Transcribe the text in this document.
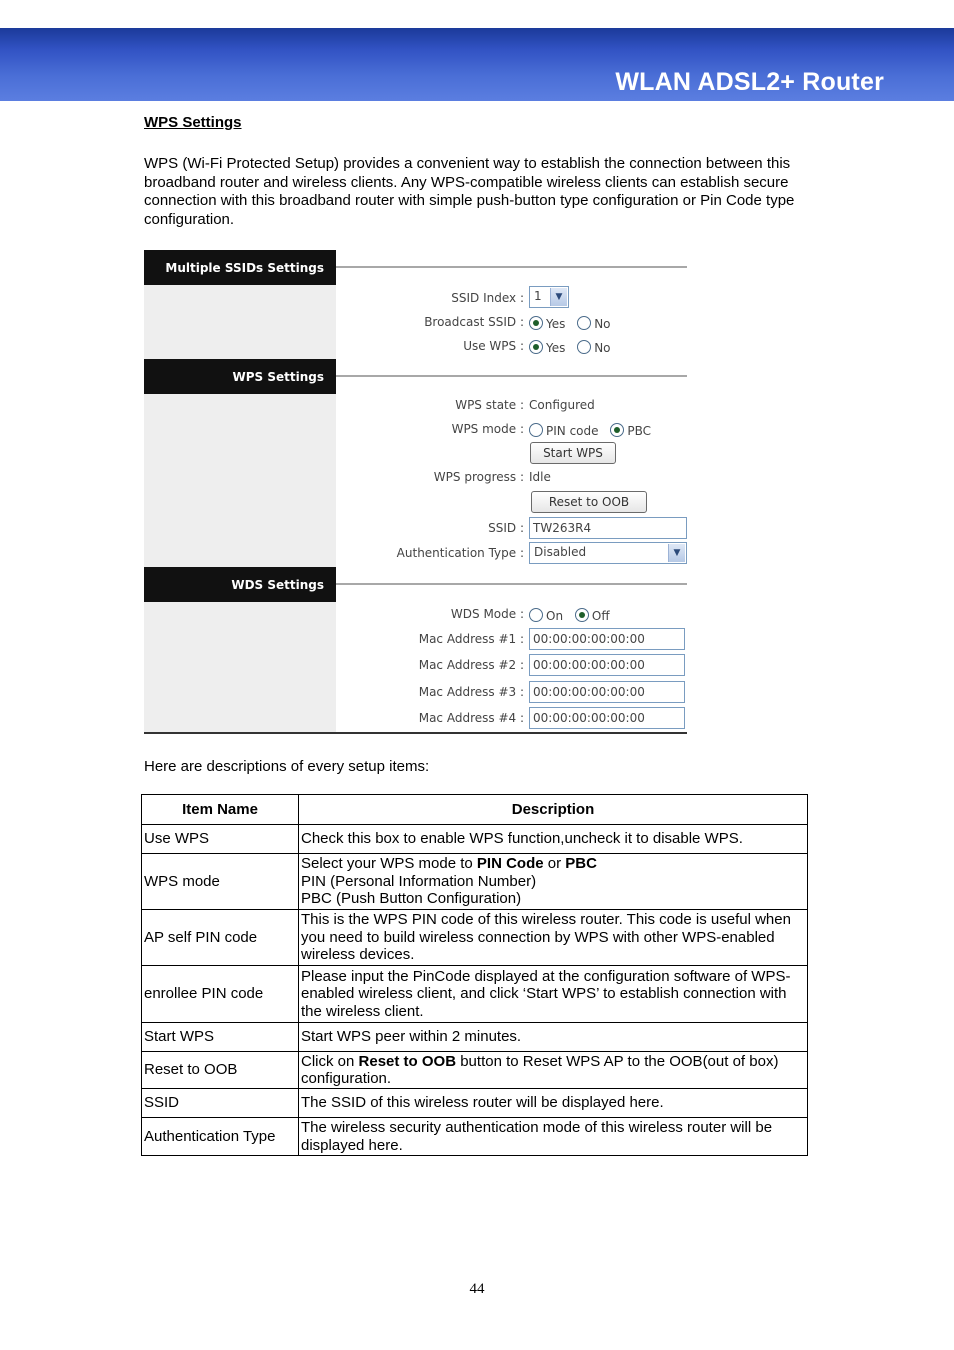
WLAN ADSL2+ Router
WPS Settings
WPS (Wi-Fi Protected Setup) provides a convenient way to establish the connection between this broadband router and wireless clients. Any WPS-compatible wireless clients can establish secure connection with this broadband router with simple push-button type configuration or Pin Code type configuration.
Multiple SSIDs Settings
SSID Index : 1	▼
Broadcast SSID :	Yes No
Use WPS :	Yes No
WPS Settings
WPS state : Configured
WPS mode :	PIN code PBC
Start WPS
WPS progress : Idle
Reset to OOB
SSID : TW263R4
Authentication Type : Disabled	▼
WDS Settings
WDS Mode :	On Off
Mac Address #1 : 00:00:00:00:00:00
Mac Address #2 : 00:00:00:00:00:00
Mac Address #3 : 00:00:00:00:00:00
Mac Address #4 : 00:00:00:00:00:00
Here are descriptions of every setup items:
Item Name	Description
Use WPS	Check this box to enable WPS function,uncheck it to disable WPS.
WPS mode	Select your WPS mode to PIN Code or PBC
PIN (Personal Information Number)
PBC (Push Button Configuration)
AP self PIN code	This is the WPS PIN code of this wireless router. This code is useful when you need to build wireless connection by WPS with other WPS-enabled wireless devices.
enrollee PIN code	Please input the PinCode displayed at the configuration software of WPS-enabled wireless client, and click ‘Start WPS’ to establish connection with the wireless client.
Start WPS	Start WPS peer within 2 minutes.
Reset to OOB	Click on Reset to OOB button to Reset WPS AP to the OOB(out of box) configuration.
SSID	The SSID of this wireless router will be displayed here.
Authentication Type	The wireless security authentication mode of this wireless router will be displayed here.
44
